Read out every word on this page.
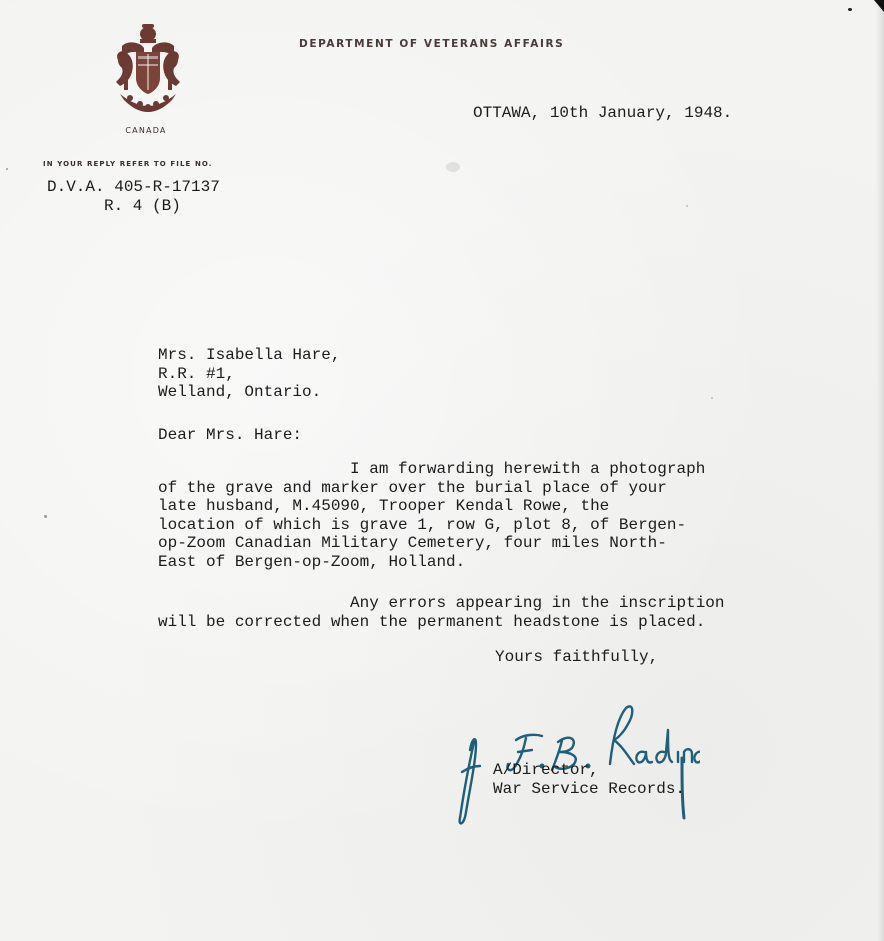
CANADA
DEPARTMENT OF VETERANS AFFAIRS
IN YOUR REPLY REFER TO FILE NO.
D.V.A. 405-R-17137
R. 4 (B)
OTTAWA, 10th January, 1948.
Mrs. Isabella Hare,
R.R. #1,
Welland, Ontario.
Dear Mrs. Hare:
I am forwarding herewith a photograph
of the grave and marker over the burial place of your
late husband, M.45090, Trooper Kendal Rowe, the
location of which is grave 1, row G, plot 8, of Bergen-
op-Zoom Canadian Military Cemetery, four miles North-
East of Bergen-op-Zoom, Holland.
Any errors appearing in the inscription
will be corrected when the permanent headstone is placed.
Yours faithfully,
A/Director,
War Service Records.
